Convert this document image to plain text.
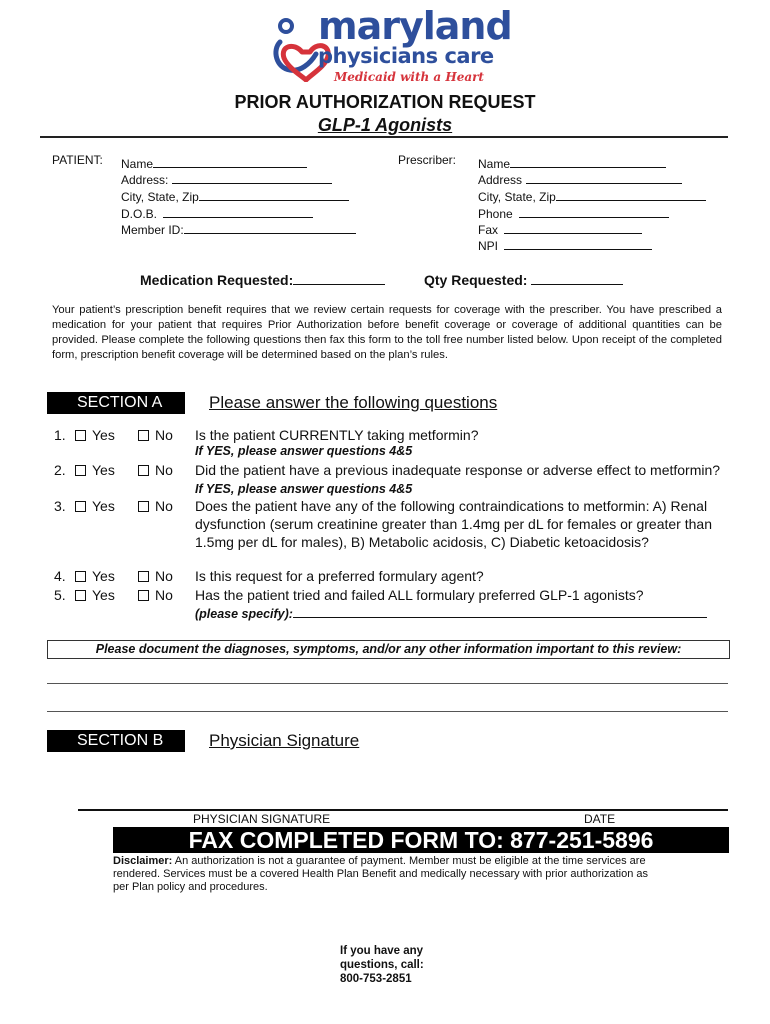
maryland
physicians care
Medicaid with a Heart
PRIOR AUTHORIZATION REQUEST
GLP-1 Agonists
PATIENT: Name
Address:
City, State, Zip
D.O.B.
Member ID:
Prescriber: Name
Address
City, State, Zip
Phone
Fax
NPI
Medication Requested:	Qty Requested:
Your patient’s prescription benefit requires that we review certain requests for coverage with the prescriber. You have prescribed a medication for your patient that requires Prior Authorization before benefit coverage or coverage of additional quantities can be provided. Please complete the following questions then fax this form to the toll free number listed below. Upon receipt of the completed form, prescription benefit coverage will be determined based on the plan’s rules.
SECTION A	Please answer the following questions
1.	Yes	No Is the patient CURRENTLY taking metformin?
If YES, please answer questions 4&5
2.	Yes	No Did the patient have a previous inadequate response or adverse effect to metformin? If YES, please answer questions 4&5
3.	Yes	No Does the patient have any of the following contraindications to metformin: A) Renal dysfunction (serum creatinine greater than 1.4mg per dL for females or greater than 1.5mg per dL for males), B) Metabolic acidosis, C) Diabetic ketoacidosis?
4.	Yes	No Is this request for a preferred formulary agent?
5.	Yes	No Has the patient tried and failed ALL formulary preferred GLP-1 agonists?
(please specify):
Please document the diagnoses, symptoms, and/or any other information important to this review:
SECTION B	Physician Signature
PHYSICIAN SIGNATURE	DATE
FAX COMPLETED FORM TO: 877-251-5896
Disclaimer: An authorization is not a guarantee of payment. Member must be eligible at the time services are rendered. Services must be a covered Health Plan Benefit and medically necessary with prior authorization as per Plan policy and procedures.
If you have any
questions, call:
800-753-2851
